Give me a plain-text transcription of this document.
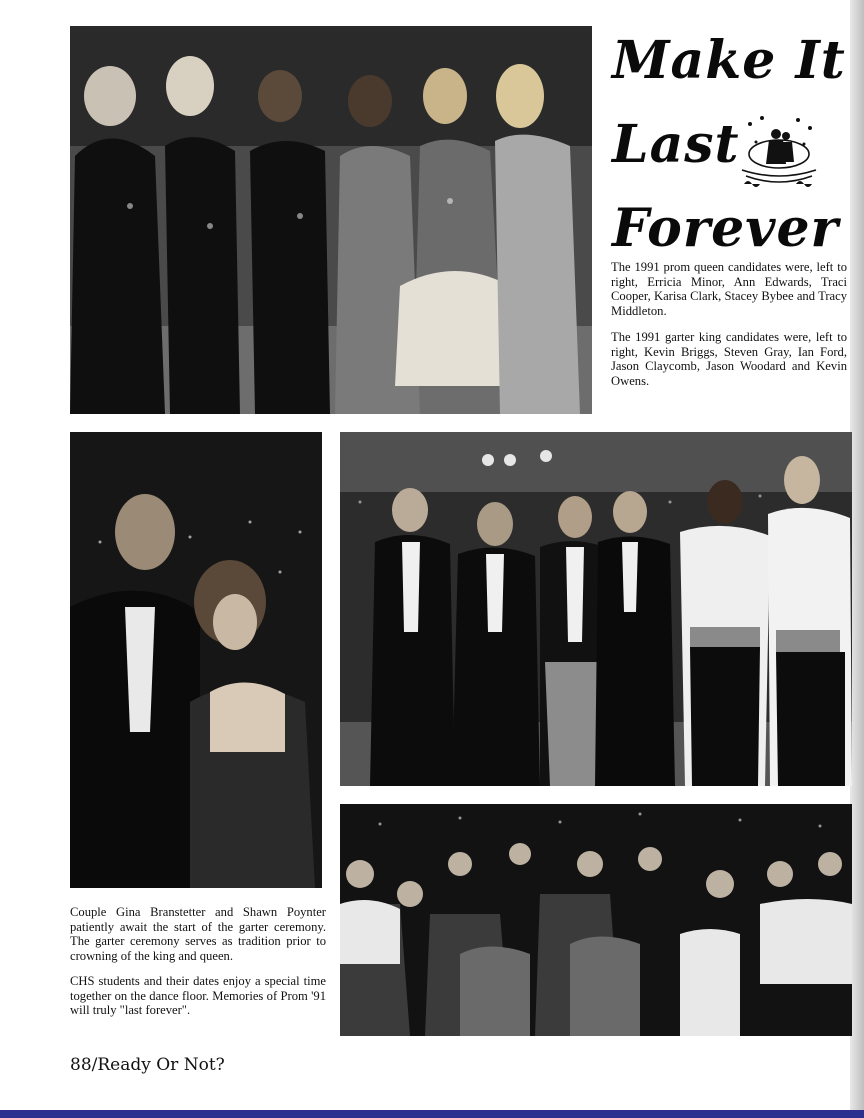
Make It
Last
Forever
The 1991 prom queen candidates were, left to right, Erricia Minor, Ann Edwards, Traci Cooper, Karisa Clark, Stacey Bybee and Tracy Middleton.
The 1991 garter king candidates were, left to right, Kevin Briggs, Steven Gray, Ian Ford, Jason Claycomb, Jason Woodard and Kevin Owens.
Couple Gina Branstetter and Shawn Poynter patiently await the start of the garter ceremony. The garter ceremony serves as tradition prior to crowning of the king and queen.
CHS students and their dates enjoy a special time together on the dance floor. Memories of Prom '91 will truly "last forever".
88/Ready Or Not?
